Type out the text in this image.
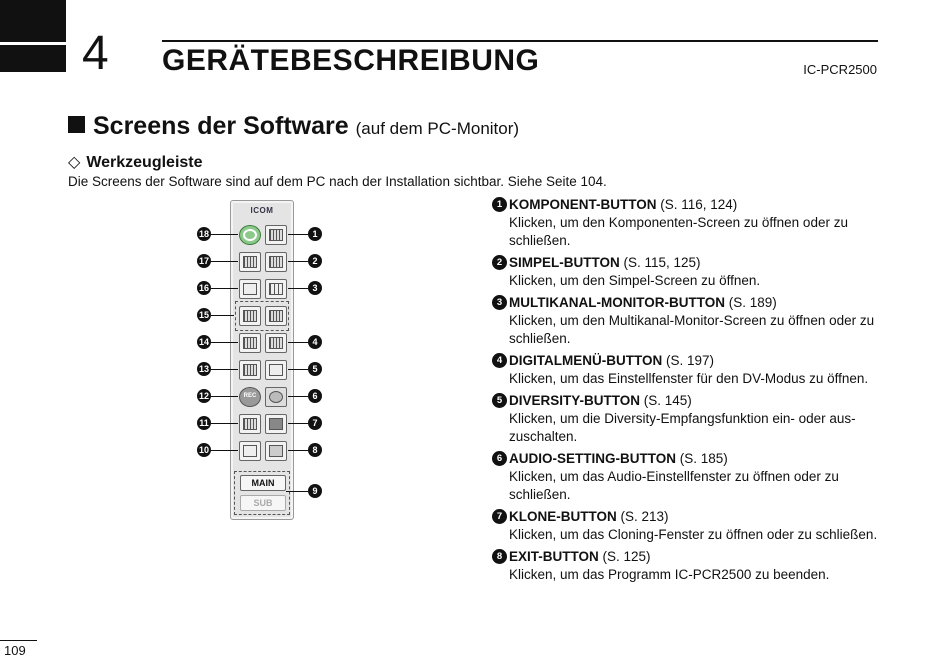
4 GERÄTEBESCHREIBUNG	IC-PCR2500
Screens der Software (auf dem PC-Monitor)
◇ Werkzeugleiste
Die Screens der Software sind auf dem PC nach der Installation sichtbar. Siehe Seite 104.
ICOM
REC
MAIN
SUB
1
2
3
4
5
6
7
8
9
18
17
16
15
14
13
12
11
10
1 KOMPONENT-BUTTON (S. 116, 124)
Klicken, um den Komponenten-Screen zu öffnen oder zu schließen.
2 SIMPEL-BUTTON (S. 115, 125)
Klicken, um den Simpel-Screen zu öffnen.
3 MULTIKANAL-MONITOR-BUTTON (S. 189)
Klicken, um den Multikanal-Monitor-Screen zu öffnen oder zu schließen.
4 DIGITALMENÜ-BUTTON (S. 197)
Klicken, um das Einstellfenster für den DV-Modus zu öffnen.
5 DIVERSITY-BUTTON (S. 145)
Klicken, um die Diversity-Empfangsfunktion ein- oder auszuschalten.
6 AUDIO-SETTING-BUTTON (S. 185)
Klicken, um das Audio-Einstellfenster zu öffnen oder zu schließen.
7 KLONE-BUTTON (S. 213)
Klicken, um das Cloning-Fenster zu öffnen oder zu schließen.
8 EXIT-BUTTON (S. 125)
Klicken, um das Programm IC-PCR2500 zu beenden.
109
